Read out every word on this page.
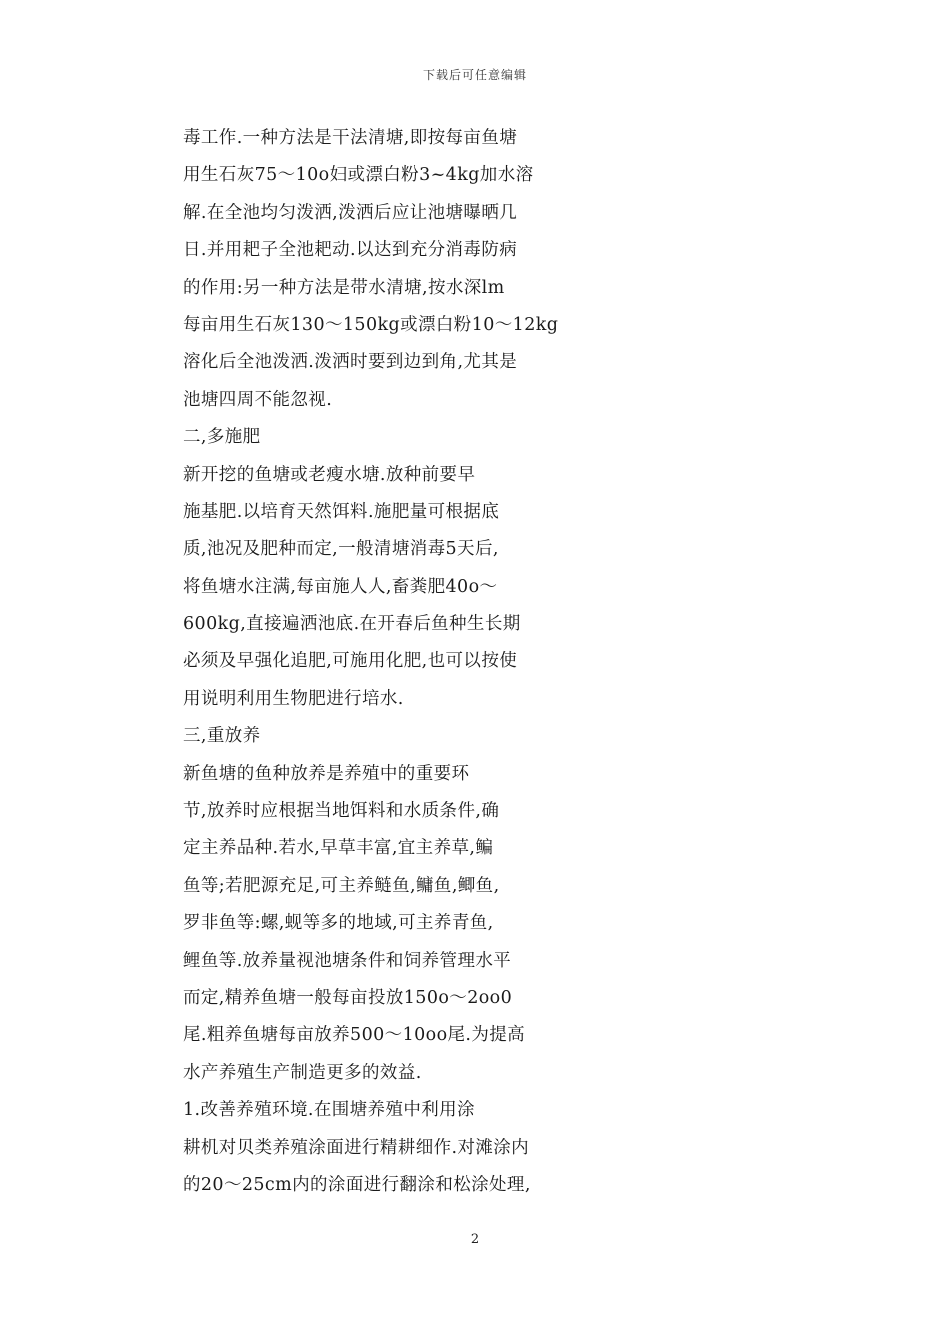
下载后可任意编辑
毒工作.一种方法是干法清塘,即按每亩鱼塘
用生石灰75～10o妇或漂白粉3~4kg加水溶
解.在全池均匀泼洒,泼洒后应让池塘曝晒几
日.并用耙子全池耙动.以达到充分消毒防病
的作用:另一种方法是带水清塘,按水深lm
每亩用生石灰130～150kg或漂白粉10～12kg
溶化后全池泼洒.泼洒时要到边到角,尤其是
池塘四周不能忽视.
二,多施肥
新开挖的鱼塘或老瘦水塘.放种前要早
施基肥.以培育天然饵料.施肥量可根据底
质,池况及肥种而定,一般清塘消毒5天后,
将鱼塘水注满,每亩施人人,畜粪肥40o～
600kg,直接遍洒池底.在开春后鱼种生长期
必须及早强化追肥,可施用化肥,也可以按使
用说明利用生物肥进行培水.
三,重放养
新鱼塘的鱼种放养是养殖中的重要环
节,放养时应根据当地饵料和水质条件,确
定主养品种.若水,早草丰富,宜主养草,鳊
鱼等;若肥源充足,可主养鲢鱼,鳙鱼,鲫鱼,
罗非鱼等:螺,蚬等多的地域,可主养青鱼,
鲤鱼等.放养量视池塘条件和饲养管理水平
而定,精养鱼塘一般每亩投放150o～2oo0
尾.粗养鱼塘每亩放养500～10oo尾.为提高
水产养殖生产制造更多的效益.
1.改善养殖环境.在围塘养殖中利用涂
耕机对贝类养殖涂面进行精耕细作.对滩涂内
的20～25cm内的涂面进行翻涂和松涂处理,
2
